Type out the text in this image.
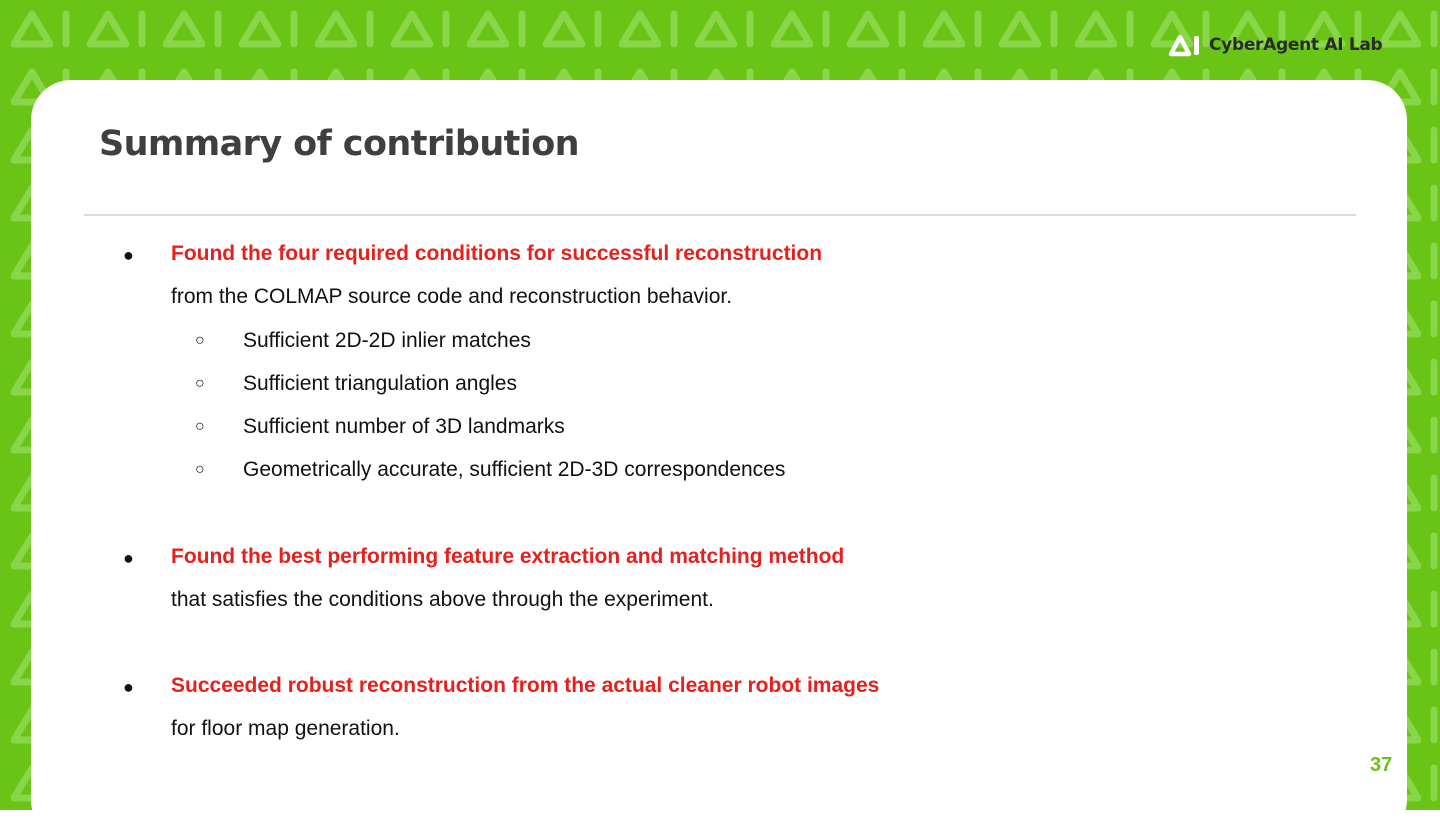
CyberAgent AI Lab
Summary of contribution
● Found the four required conditions for successful reconstruction
from the COLMAP source code and reconstruction behavior.
○ Sufficient 2D-2D inlier matches
○ Sufficient triangulation angles
○ Sufficient number of 3D landmarks
○ Geometrically accurate, sufficient 2D-3D correspondences
● Found the best performing feature extraction and matching method
that satisfies the conditions above through the experiment.
● Succeeded robust reconstruction from the actual cleaner robot images
for floor map generation.
37
